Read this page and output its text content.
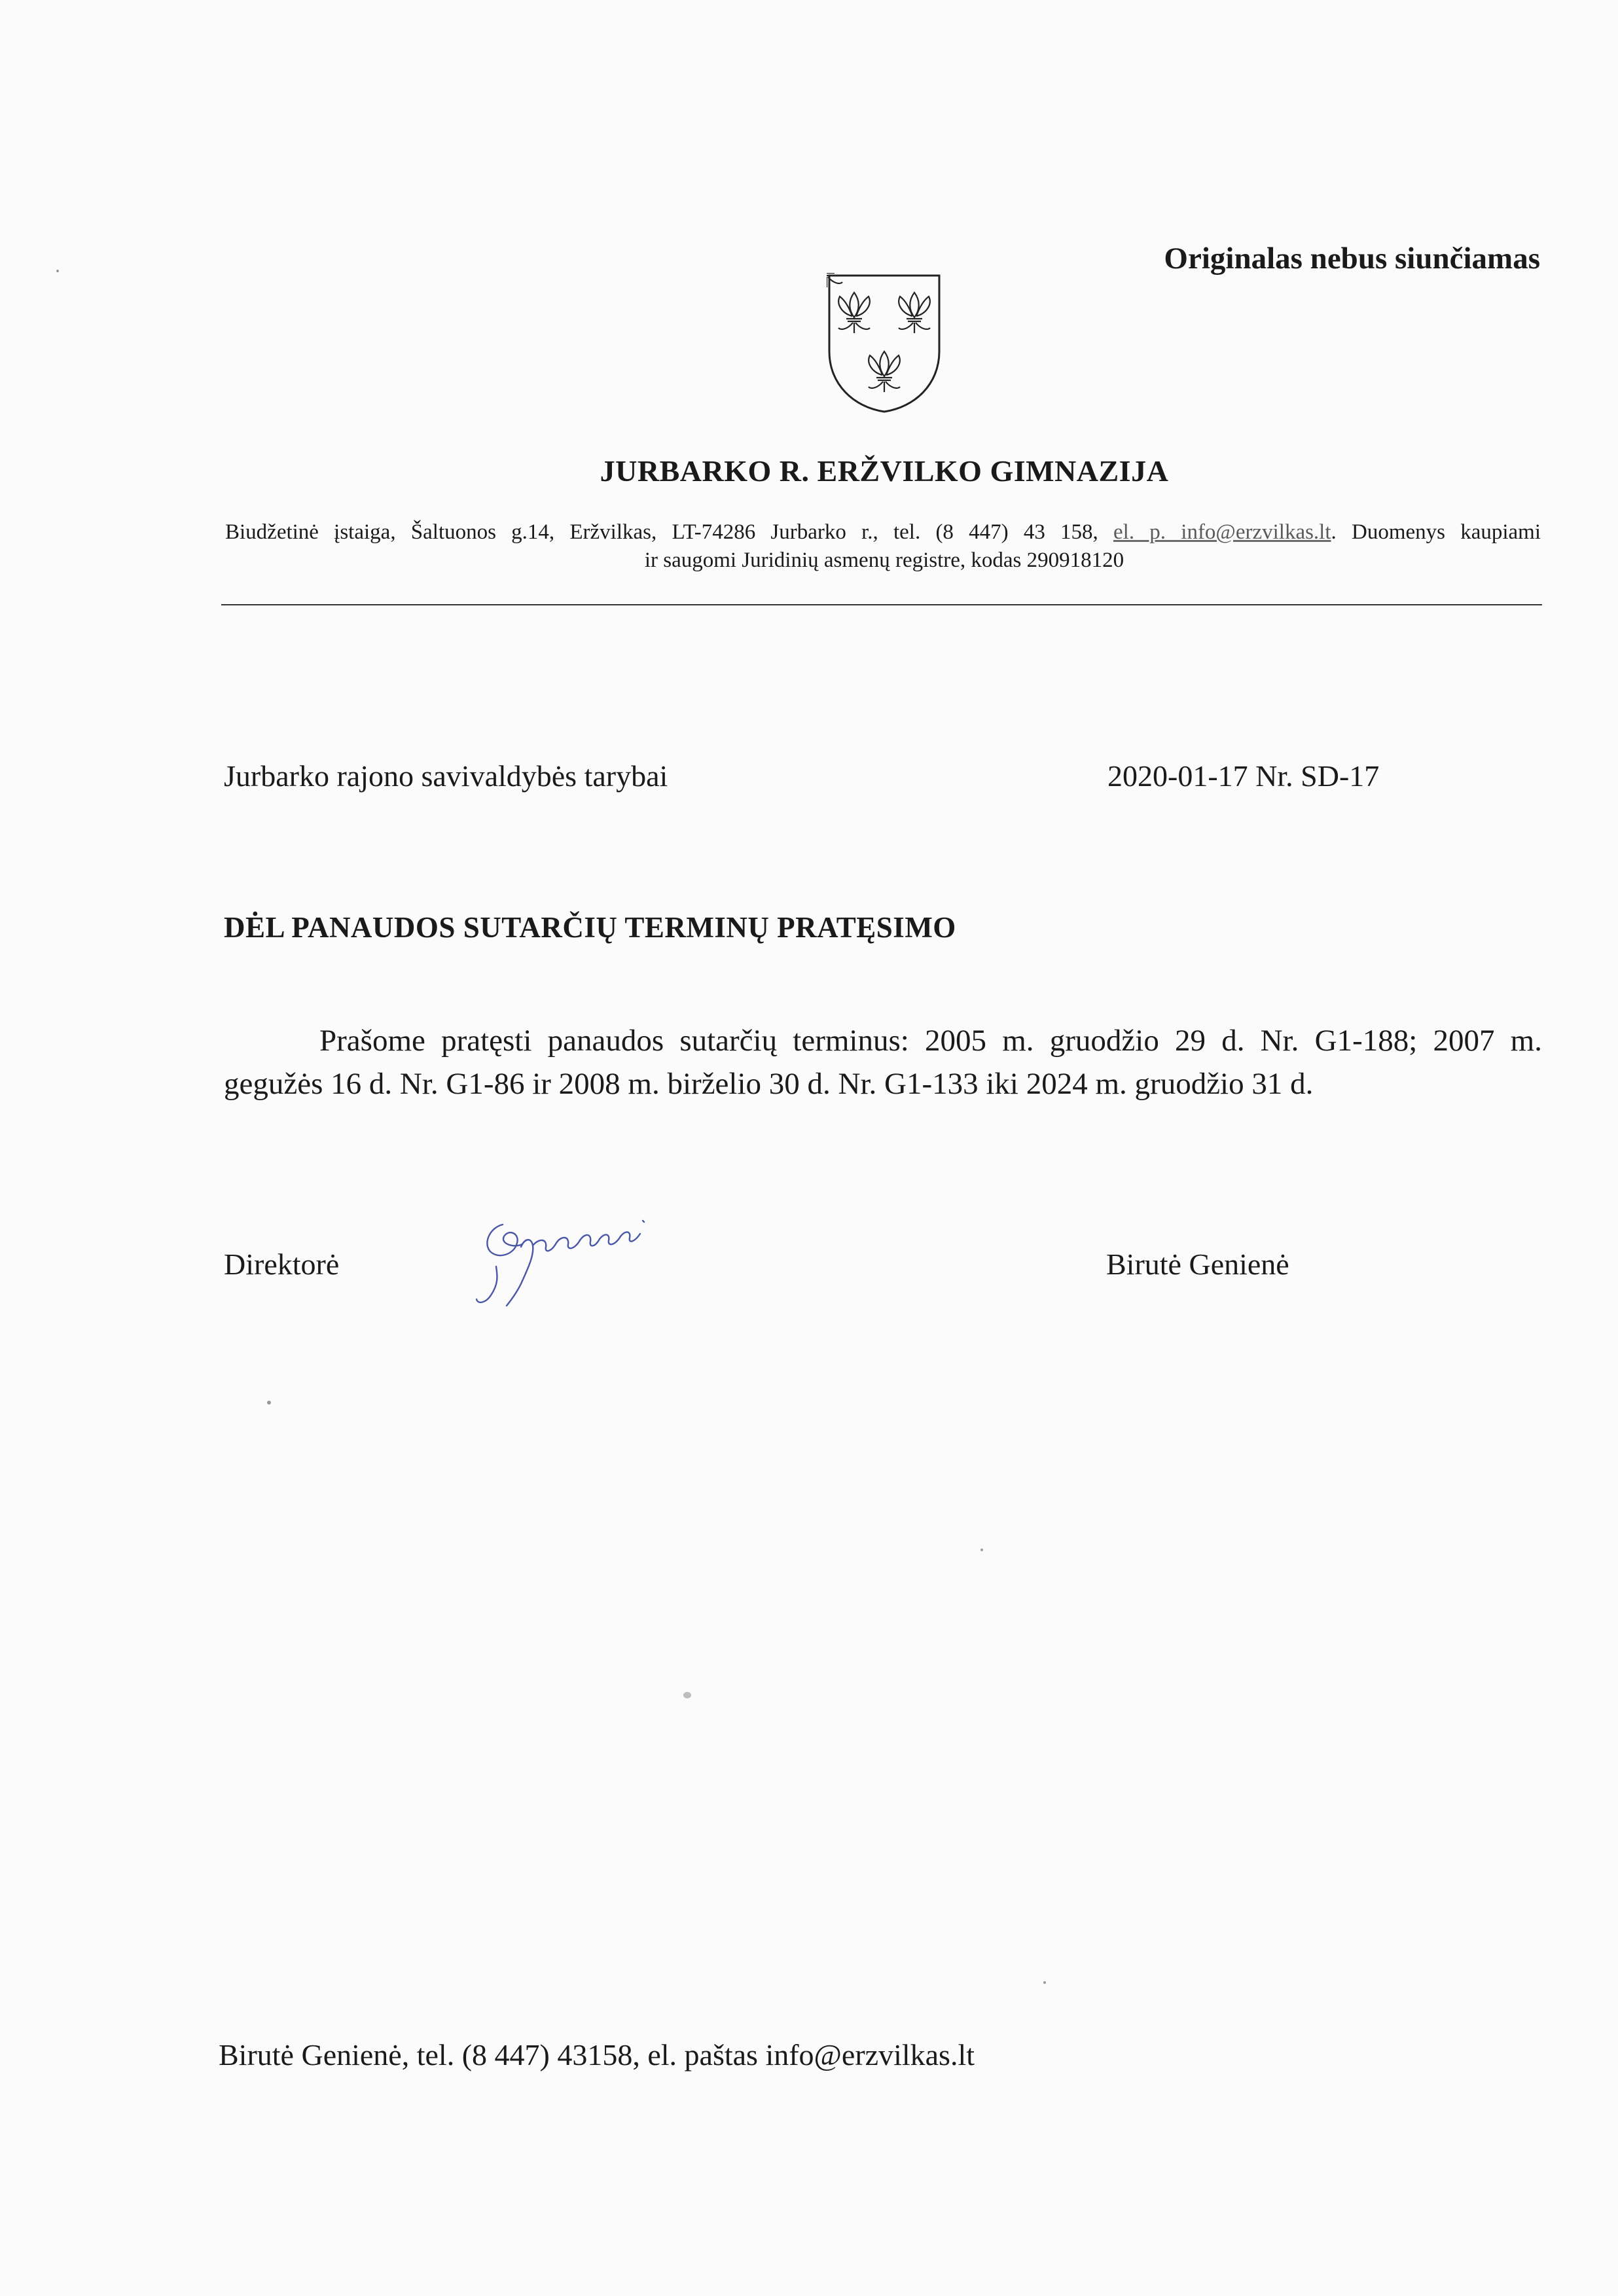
Originalas nebus siunčiamas
JURBARKO R. ERŽVILKO GIMNAZIJA
Biudžetinė įstaiga, Šaltuonos g.14, Eržvilkas, LT-74286 Jurbarko r., tel. (8 447) 43 158, el. p. info@erzvilkas.lt. Duomenys kaupiami
ir saugomi Juridinių asmenų registre, kodas 290918120
Jurbarko rajono savivaldybės tarybai	2020-01-17 Nr. SD-17
DĖL PANAUDOS SUTARČIŲ TERMINŲ PRATĘSIMO
Prašome pratęsti panaudos sutarčių terminus: 2005 m. gruodžio 29 d. Nr. G1-188; 2007 m. gegužės 16 d. Nr. G1-86 ir 2008 m. birželio 30 d. Nr. G1-133 iki 2024 m. gruodžio 31 d.
Direktorė	Birutė Genienė
Birutė Genienė, tel. (8 447) 43158, el. paštas info@erzvilkas.lt
